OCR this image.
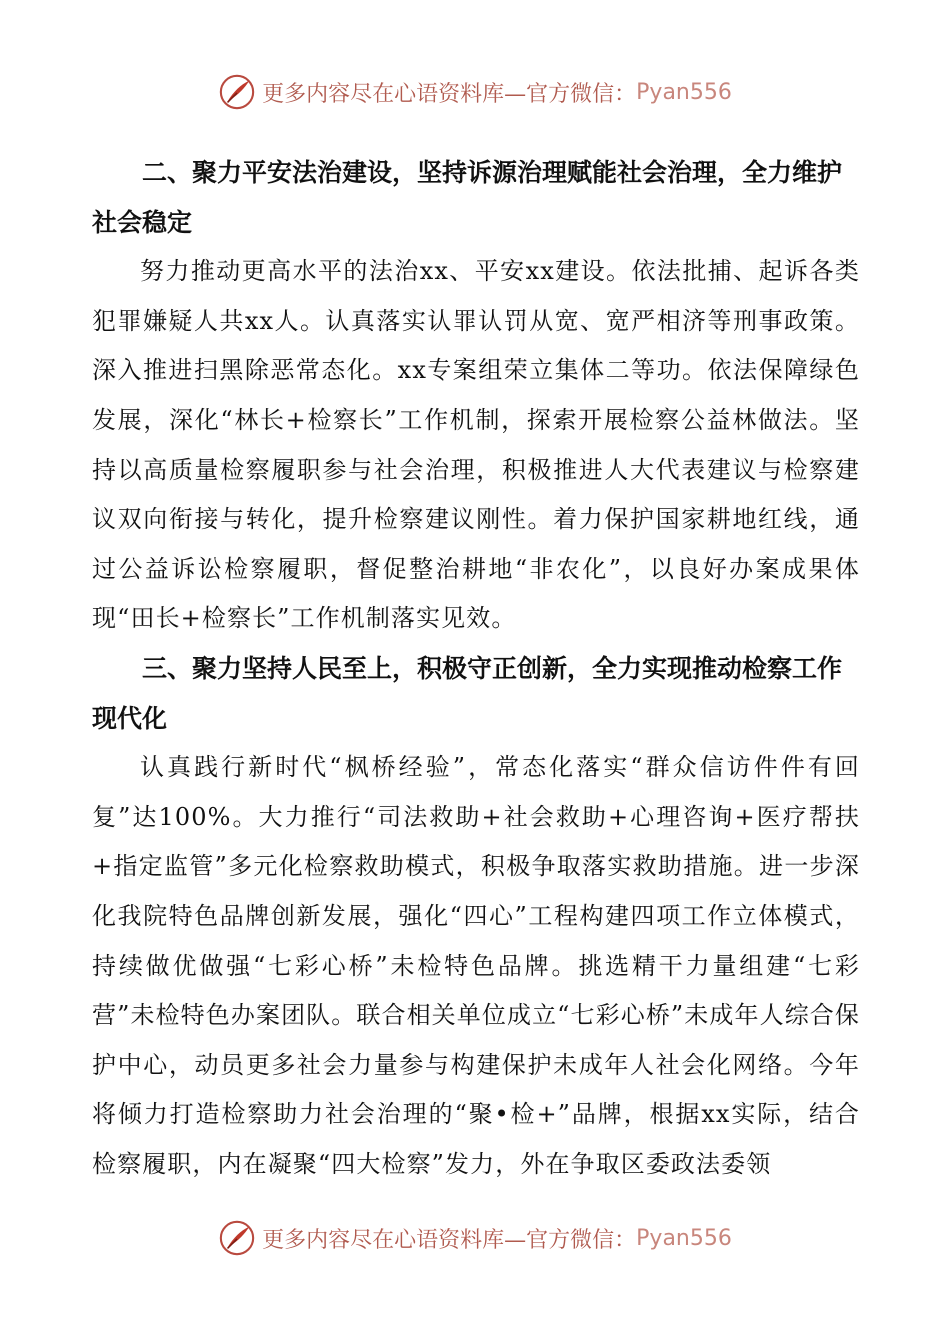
更多内容尽在心语资料库—官方微信： Pyan556

二、聚力平安法治建设，坚持诉源治理赋能社会治理，全力维护社会稳定

努力推动更高水平的法治xx、平安xx建设。依法批捕、起诉各类犯罪嫌疑人共xx人。认真落实认罪认罚从宽、宽严相济等刑事政策。深入推进扫黑除恶常态化。xx专案组荣立集体二等功。依法保障绿色发展，深化“林长+检察长”工作机制，探索开展检察公益林做法。坚持以高质量检察履职参与社会治理，积极推进人大代表建议与检察建议双向衔接与转化，提升检察建议刚性。着力保护国家耕地红线，通过公益诉讼检察履职，督促整治耕地“非农化”，以良好办案成果体现“田长+检察长”工作机制落实见效。

三、聚力坚持人民至上，积极守正创新，全力实现推动检察工作现代化

认真践行新时代“枫桥经验”，常态化落实“群众信访件件有回复”达100%。大力推行“司法救助+社会救助+心理咨询+医疗帮扶+指定监管”多元化检察救助模式，积极争取落实救助措施。进一步深化我院特色品牌创新发展，强化“四心”工程构建四项工作立体模式，持续做优做强“七彩心桥”未检特色品牌。挑选精干力量组建“七彩营”未检特色办案团队。联合相关单位成立“七彩心桥”未成年人综合保护中心，动员更多社会力量参与构建保护未成年人社会化网络。今年将倾力打造检察助力社会治理的“聚•检+”品牌，根据xx实际，结合检察履职，内在凝聚“四大检察”发力，外在争取区委政法委领

更多内容尽在心语资料库—官方微信： Pyan556
